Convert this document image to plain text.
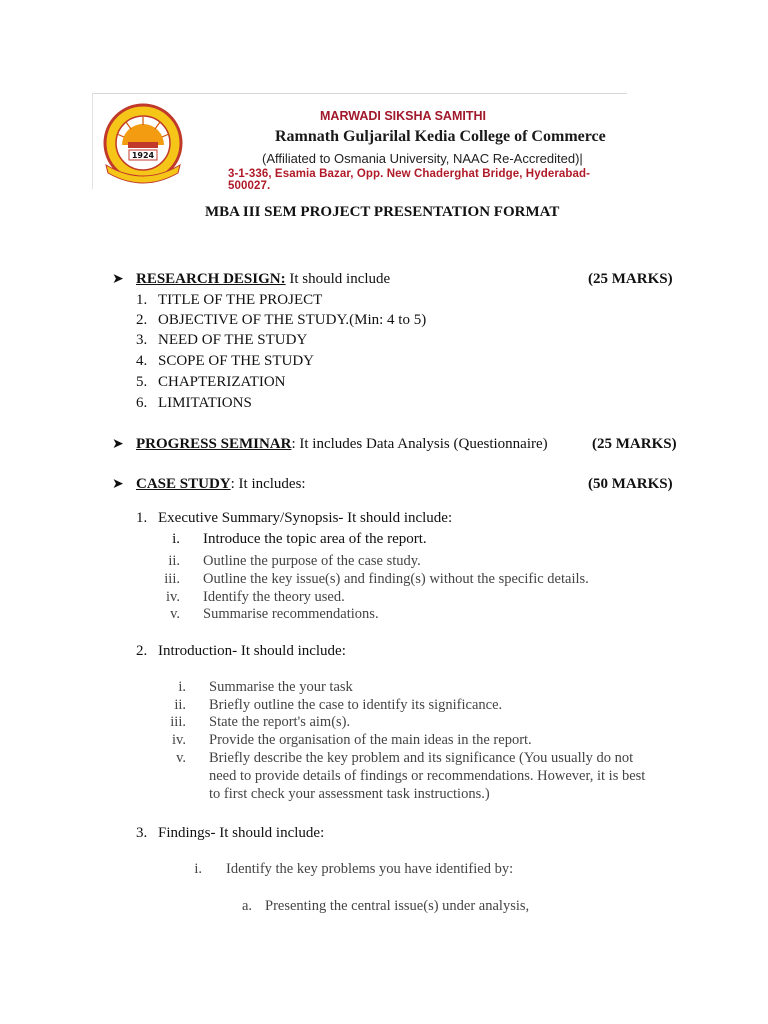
1924
MARWADI SIKSHA SAMITHI
Ramnath Guljarilal Kedia College of Commerce
(Affiliated to Osmania University, NAAC Re-Accredited)|
3-1-336, Esamia Bazar, Opp. New Chaderghat Bridge, Hyderabad- 500027.
MBA III SEM PROJECT PRESENTATION FORMAT
➤ RESEARCH DESIGN: It should include	(25 MARKS)
1. TITLE OF THE PROJECT
2. OBJECTIVE OF THE STUDY.(Min: 4 to 5)
3. NEED OF THE STUDY
4. SCOPE OF THE STUDY
5. CHAPTERIZATION
6. LIMITATIONS
➤ PROGRESS SEMINAR: It includes Data Analysis (Questionnaire)	(25 MARKS)
➤ CASE STUDY: It includes:	(50 MARKS)
1. Executive Summary/Synopsis- It should include:
i. Introduce the topic area of the report.
ii. Outline the purpose of the case study.
iii. Outline the key issue(s) and finding(s) without the specific details.
iv. Identify the theory used.
v. Summarise recommendations.
2. Introduction- It should include:
i. Summarise the your task
ii. Briefly outline the case to identify its significance.
iii. State the report's aim(s).
iv. Provide the organisation of the main ideas in the report.
v. Briefly describe the key problem and its significance (You usually do not
need to provide details of findings or recommendations. However, it is best
to first check your assessment task instructions.)
3. Findings- It should include:
i. Identify the key problems you have identified by:
a. Presenting the central issue(s) under analysis,
